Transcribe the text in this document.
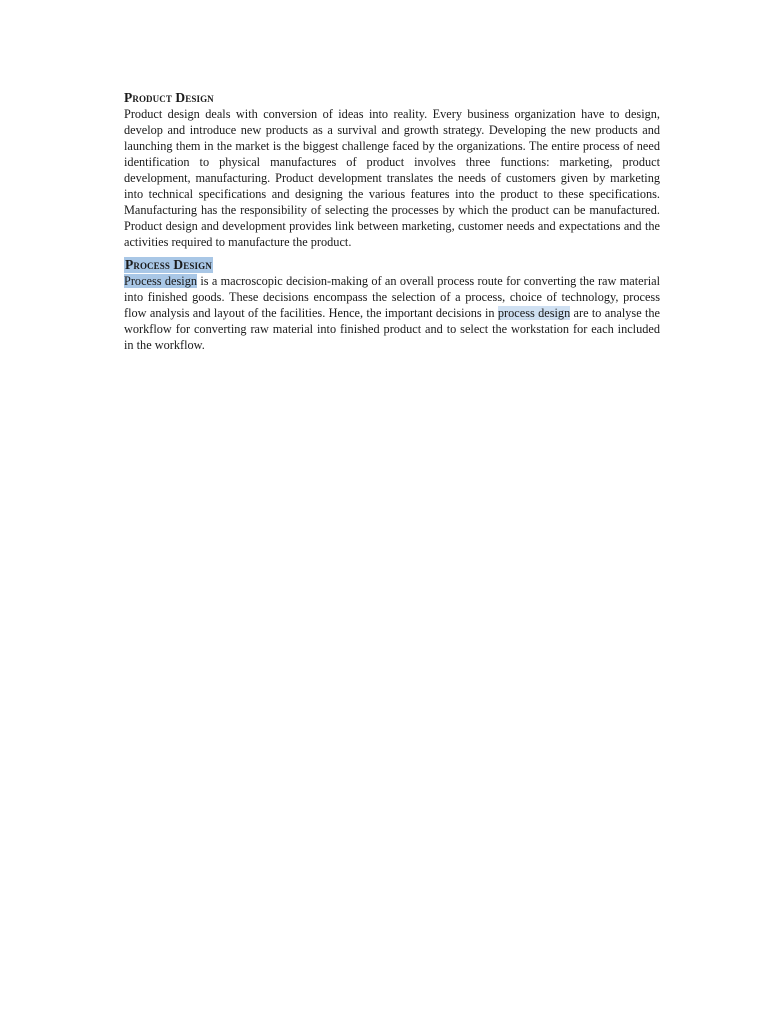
Product Design

Product design deals with conversion of ideas into reality. Every business organization have to design, develop and introduce new products as a survival and growth strategy. Developing the new products and launching them in the market is the biggest challenge faced by the organizations. The entire process of need identification to physical manufactures of product involves three functions: marketing, product development, manufacturing. Product development translates the needs of customers given by marketing into technical specifications and designing the various features into the product to these specifications. Manufacturing has the responsibility of selecting the processes by which the product can be manufactured. Product design and development provides link between marketing, customer needs and expectations and the activities required to manufacture the product.

Process Design

Process design is a macroscopic decision-making of an overall process route for converting the raw material into finished goods. These decisions encompass the selection of a process, choice of technology, process flow analysis and layout of the facilities. Hence, the important decisions in process design are to analyse the workflow for converting raw material into finished product and to select the workstation for each included in the workflow.
